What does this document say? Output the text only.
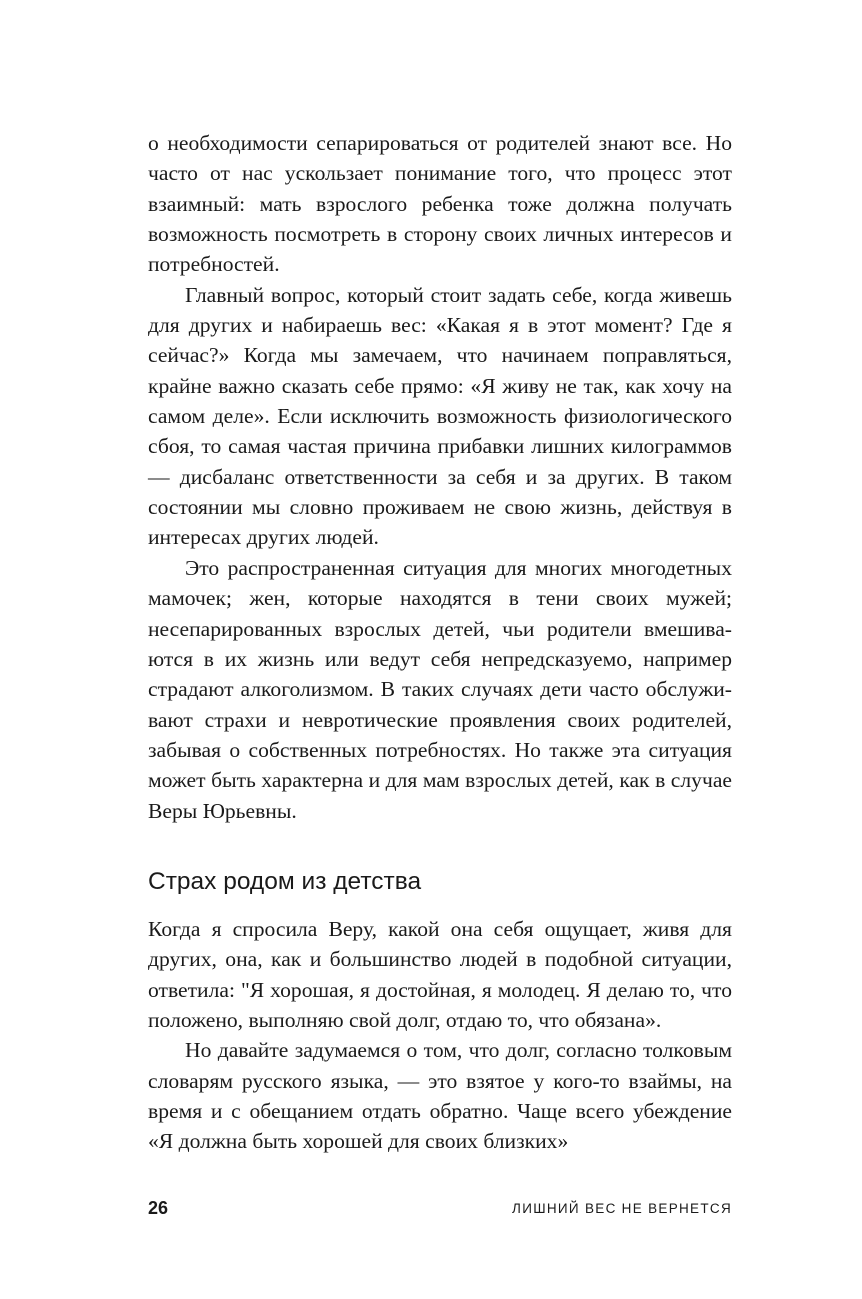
о необходимости сепарироваться от родителей знают все. Но часто от нас ускользает понимание того, что процесс этот взаимный: мать взрослого ребенка тоже должна получать возможность посмотреть в сторону своих личных интересов и потребностей.

Главный вопрос, который стоит задать себе, когда живешь для других и набираешь вес: «Какая я в этот момент? Где я сейчас?» Когда мы замечаем, что начинаем поправляться, крайне важно сказать себе прямо: «Я живу не так, как хочу на самом деле». Если исключить возможность физиологического сбоя, то самая частая причина прибавки лишних килограммов — дисбаланс ответственности за себя и за других. В таком состоянии мы словно проживаем не свою жизнь, действуя в интересах других людей.

Это распространенная ситуация для многих многодетных мамочек; жен, которые находятся в тени своих мужей; несепарированных взрослых детей, чьи родители вмешиваются в их жизнь или ведут себя непредсказуемо, например страдают алкоголизмом. В таких случаях дети часто обслуживают страхи и невротические проявления своих родителей, забывая о собственных потребностях. Но также эта ситуация может быть характерна и для мам взрослых детей, как в случае Веры Юрьевны.

Страх родом из детства

Когда я спросила Веру, какой она себя ощущает, живя для других, она, как и большинство людей в подобной ситуации, ответила: "Я хорошая, я достойная, я молодец. Я делаю то, что положено, выполняю свой долг, отдаю то, что обязана».

Но давайте задумаемся о том, что долг, согласно толковым словарям русского языка, — это взятое у кого-то взаймы, на время и с обещанием отдать обратно. Чаще всего убеждение «Я должна быть хорошей для своих близких»

26	ЛИШНИЙ ВЕС НЕ ВЕРНЕТСЯ
